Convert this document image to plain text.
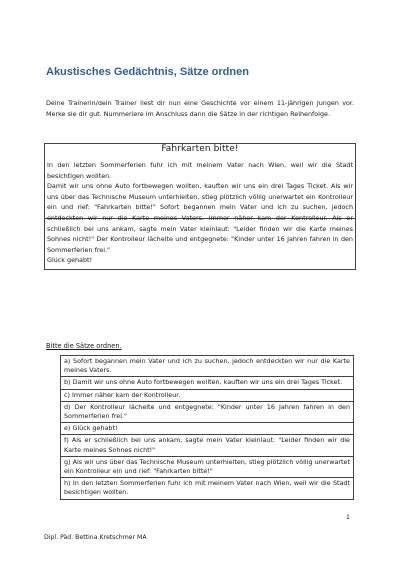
Akustisches Gedächtnis, Sätze ordnen
Deine Trainerin/dein Trainer liest dir nun eine Geschichte vor einem 11-jährigen Jungen vor. Merke sie dir gut. Nummeriere im Anschluss dann die Sätze in der richtigen Reihenfolge.
Fahrkarten bitte!

In den letzten Sommerferien fuhr ich mit meinem Vater nach Wien, weil wir die Stadt besichtigen wollten.

Damit wir uns ohne Auto fortbewegen wollten, kauften wir uns ein drei Tages Ticket. Als wir uns über das Technische Museum unterhielten, stieg plötzlich völlig unerwartet ein Kontrolleur ein und rief: "Fahrkarten bitte!" Sofort begannen mein Vater und ich zu suchen, jedoch entdeckten wir nur die Karte meines Vaters. Immer näher kam der Kontrolleur. Als er schließlich bei uns ankam, sagte mein Vater kleinlaut: "Leider finden wir die Karte meines Sohnes nicht!" Der Kontrolleur lächelte und entgegnete: "Kinder unter 16 Jahren fahren in den Sommerferien frei."

Glück gehabt!

Bitte die Sätze ordnen.
a) Sofort begannen mein Vater und ich zu suchen, jedoch entdeckten wir nur die Karte meines Vaters.
b) Damit wir uns ohne Auto fortbewegen wollten, kauften wir uns ein drei Tages Ticket.
c) Immer näher kam der Kontrolleur.
d) Der Kontrolleur lächelte und entgegnete: "Kinder unter 16 Jahren fahren in den Sommerferien frei."
e) Glück gehabt!
f) Als er schließlich bei uns ankam, sagte mein Vater kleinlaut: "Leider finden wir die Karte meines Sohnes nicht!"
g) Als wir uns über das Technische Museum unterhielten, stieg plötzlich völlig unerwartet ein Kontrolleur ein und rief: "Fahrkarten bitte!"
h) In den letzten Sommerferien fuhr ich mit meinem Vater nach Wien, weil wir die Stadt besichtigen wollten.
1
Dipl. Päd. Bettina Kretschmer MA
